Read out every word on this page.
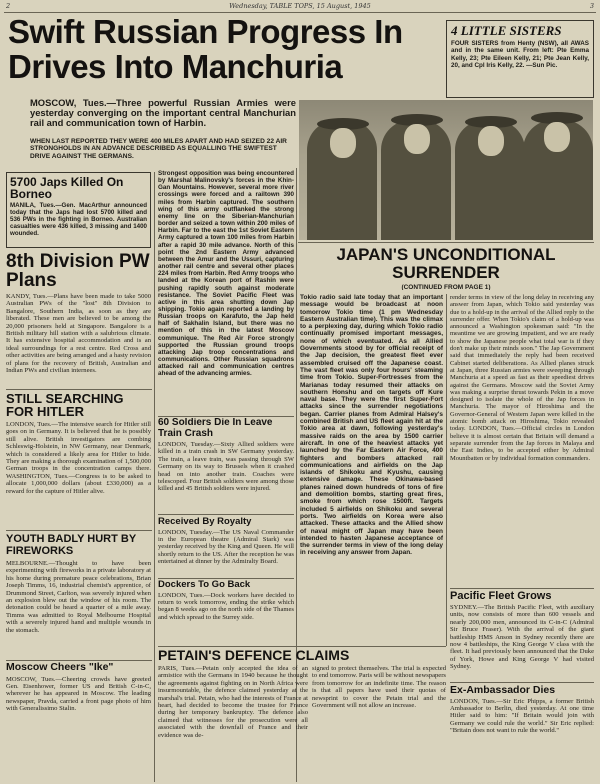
2	Wednesday, TABLE TOPS, 15 August, 1945	3
Swift Russian Progress In Drives Into Manchuria

MOSCOW, Tues.—Three powerful Russian Armies were yesterday converging on the important central Manchurian rail and communication town of Harbin.

WHEN LAST REPORTED THEY WERE 400 MILES APART AND HAD SEIZED 22 AIR STRONGHOLDS IN AN ADVANCE DESCRIBED AS EQUALLING THE SWIFTEST DRIVE AGAINST THE GERMANS.

4 LITTLE SISTERS

FOUR SISTERS from Henty (NSW), all AWAS and in the same unit. From left: Pte Emma Kelly, 23; Pte Eileen Kelly, 21; Pte Jean Kelly, 20, and Cpl Iris Kelly, 22. —Sun Pic.

5700 Japs Killed On Borneo

MANILA, Tues.—Gen. MacArthur announced today that the Japs had lost 5700 killed and 536 PWs in the fighting in Borneo. Australian casualties were 436 killed, 3 missing and 1400 wounded.

8th Division PW Plans

KANDY, Tues.—Plans have been made to take 5000 Australian PWs of the "lost" 8th Division to Bangalore, Southern India, as soon as they are liberated. These men are believed to be among the 20,000 prisoners held at Singapore. Bangalore is a British military hill station with a salubrious climate. It has extensive hospital accommodation and is an ideal surroundings for a rest centre. Red Cross and other activities are being arranged and a hasty revision of plans for the recovery of British, Australian and Indian PWs and civilian internees.

STILL SEARCHING FOR HITLER

LONDON, Tues.—The intensive search for Hitler still goes on in Germany. It is believed that he is possibly still alive. British investigators are combing Schleswig-Holstein, in NW Germany, near Denmark, which is considered a likely area for Hitler to hide. They are making a thorough examination of 1,500,000 German troops in the concentration camps there. WASHINGTON, Tues.—Congress is to be asked to allocate 1,000,000 dollars (about £330,000) as a reward for the capture of Hitler alive.

YOUTH BADLY HURT BY FIREWORKS

MELBOURNE.—Thought to have been experimenting with fireworks in a private laboratory at his home during premature peace celebrations, Brian Joseph Timms, 16, industrial chemist's apprentice, of Drummond Street, Carlton, was severely injured when an explosion blew out the window of his room. The detonation could be heard a quarter of a mile away. Timms was admitted to Royal Melbourne Hospital with a severely injured hand and multiple wounds in the stomach.

Moscow Cheers "Ike"

MOSCOW, Tues.—Cheering crowds have greeted Gen. Eisenhower, former US and British C-in-C, wherever he has appeared in Moscow. The leading newspaper, Pravda, carried a front page photo of him with Generalissimo Stalin.

Strongest opposition was being encountered by Marshal Malinovsky's forces in the Khin-Gan Mountains. However, several more river crossings were forced and a railtown 390 miles from Harbin captured. The southern wing of this army outflanked the strong enemy line on the Siberian-Manchurian border and seized a town within 200 miles of Harbin. Far to the east the 1st Soviet Eastern Army captured a town 100 miles from Harbin after a rapid 30 mile advance. North of this point the 2nd Eastern Army advanced between the Amur and the Ussuri, capturing another rail centre and several other places 224 miles from Harbin. Red Army troops who landed at the Korean port of Rashin were pushing rapidly south against moderate resistance. The Soviet Pacific Fleet was active in this area shutting down Jap shipping. Tokio again reported a landing by Russian troops on Karafuto, the Jap held half of Sakhalin Island, but there was no mention of this in the latest Moscow communique. The Red Air Force strongly supported the Russian ground troops attacking Jap troop concentrations and communications. Other Russian squadrons attacked rail and communication centres ahead of the advancing armies.

60 Soldiers Die In Leave Train Crash

LONDON, Tuesday.—Sixty Allied soldiers were killed in a train crash in SW Germany yesterday. The train, a leave train, was passing through SW Germany on its way to Brussels when it crashed head on into another train. Coaches were telescoped. Four British soldiers were among those killed and 45 British soldiers were injured.

Received By Royalty

LONDON, Tuesday.—The US Naval Commander in the European theatre (Admiral Stark) was yesterday received by the King and Queen. He will shortly return to the US. After the reception he was entertained at dinner by the Admiralty Board.

Dockers To Go Back

LONDON, Tues.—Dock workers have decided to return to work tomorrow, ending the strike which began 8 weeks ago on the north side of the Thames and which spread to the Surrey side.

JAPAN'S UNCONDITIONAL SURRENDER
(CONTINUED FROM PAGE 1)

Tokio radio said late today that an important message would be broadcast at noon tomorrow Tokio time (1 pm Wednesday Eastern Australian time). This was the climax to a perplexing day, during which Tokio radio continually promised important messages, none of which eventuated. As all Allied Governments stood by for official receipt of the Jap decision, the greatest fleet ever assembled cruised off the Japanese coast. The vast fleet was only four hours' steaming time from Tokio. Super-Fortresses from the Marianas today resumed their attacks on southern Honshu and on targets off Kure naval base. They were the first Super-Fort attacks since the surrender negotiations began. Carrier planes from Admiral Halsey's combined British and US fleet again hit at the Tokio area at dawn, following yesterday's massive raids on the area by 1500 carrier aircraft. In one of the heaviest attacks yet launched by the Far Eastern Air Force, 400 fighters and bombers attacked rail communications and airfields on the Jap islands of Shikoku and Kyushu, causing extensive damage. These Okinawa-based planes rained down hundreds of tons of fire and demolition bombs, starting great fires, smoke from which rose 1500ft. Targets included 5 airfields on Shikoku and several ports. Two airfields on Korea were also attacked. These attacks and the Allied show of naval might off Japan may have been intended to hasten Japanese acceptance of the surrender terms in view of the long delay in receiving any answer from Japan.

render terms in view of the long delay in receiving any answer from Japan, which Tokio said yesterday was due to a hold-up in the arrival of the Allied reply to the surrender offer. When Tokio's claim of a hold-up was announced a Washington spokesman said: "In the meantime we are growing impatient, and we are ready to show the Japanese people what total war is if they don't make up their minds soon." The Jap Government said that immediately the reply had been received Cabinet started deliberations. As Allied planes struck at Japan, three Russian armies were sweeping through Manchuria at a speed as fast as their speediest drives against the Germans. Moscow said the Soviet Army was making a surprise thrust towards Pekin in a move designed to isolate the whole of the Jap forces in Manchuria. The mayor of Hiroshima and the Governor-General of Western Japan were killed in the atomic bomb attack on Hiroshima, Tokio revealed today. LONDON, Tues.—Official circles in London believe it is almost certain that Britain will demand a separate surrender from the Jap forces in Malaya and the East Indies, to be accepted either by Admiral Mountbatten or by individual formation commanders.

Pacific Fleet Grows

SYDNEY.—The British Pacific Fleet, with auxiliary units, now consists of more than 600 vessels and nearly 200,000 men, announced its C-in-C (Admiral Sir Bruce Fraser). With the arrival of the giant battleship HMS Anson in Sydney recently there are now 4 battleships, the King George V class with the fleet. It had previously been announced that the Duke of York, Howe and King George V had visited Sydney.

Ex-Ambassador Dies

LONDON, Tues.—Sir Eric Phipps, a former British Ambassador to Berlin, died yesterday. At one time Hitler said to him: "If Britain would join with Germany we could rule the world." Sir Eric replied: "Britain does not want to rule the world."

PETAIN'S DEFENCE CLAIMS

PARIS, Tues.—Petain only accepted the idea of an armistice with the Germans in 1940 because he thought the agreements against fighting on in North Africa were insurmountable, the defence claimed yesterday at the marshal's trial. Petain, who had the interests of France at heart, had decided to become the trustee for France during her temporary bankruptcy. The defence also claimed that witnesses for the prosecution were all associated with the downfall of France and their evidence was de-

signed to protect themselves. The trial is expected to end tomorrow. Paris will be without newspapers from tomorrow for an indefinite time. The reason is that all papers have used their quotas of newsprint to cover the Petain trial and the Government will not allow an increase.
